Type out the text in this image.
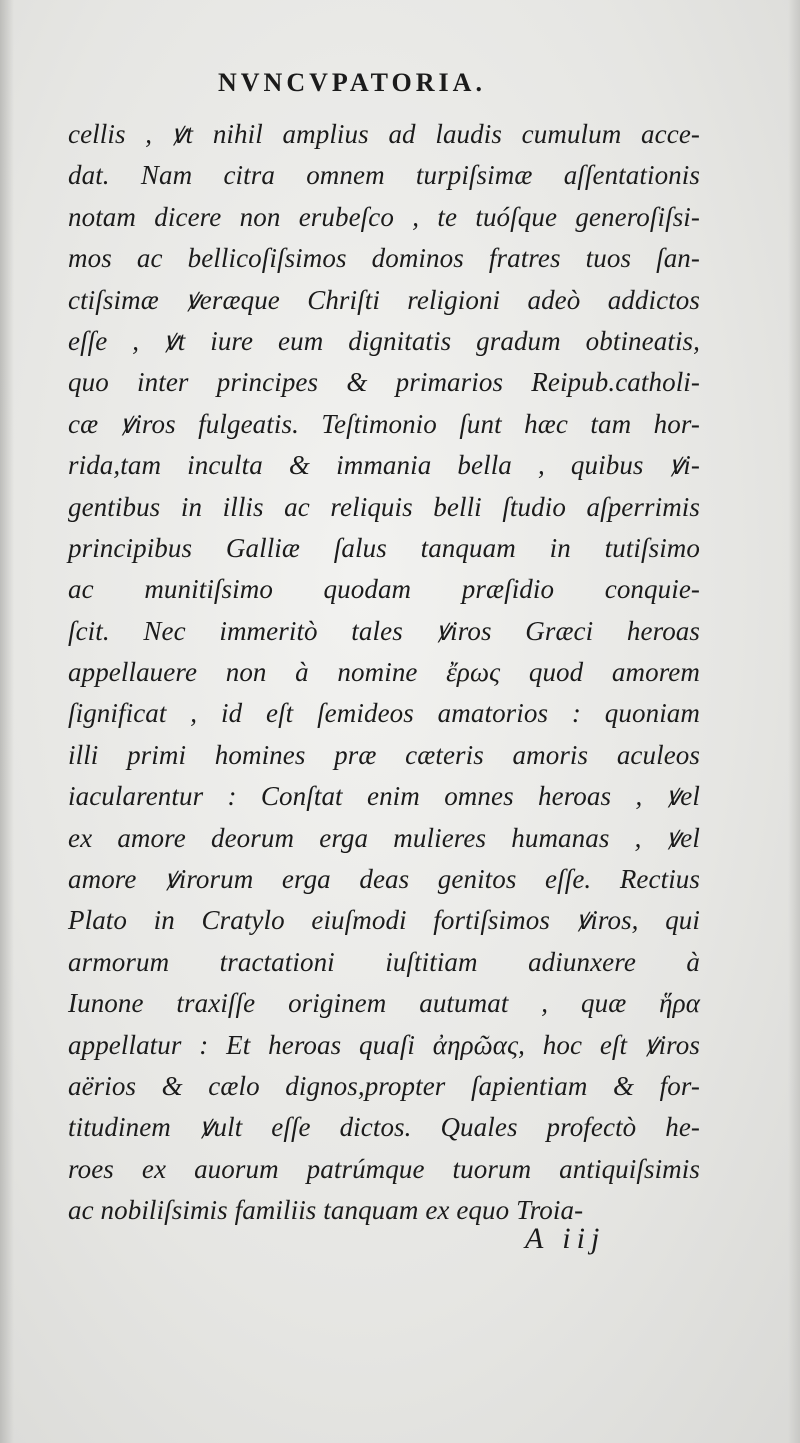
NVNCVPATORIA.
cellis , ꝟt nihil amplius ad laudis cumulum acce-
dat. Nam citra omnem turpiſsimæ aſſentationis
notam dicere non erubeſco , te tuóſque generoſiſsi-
mos ac bellicoſiſsimos dominos fratres tuos ſan-
ctiſsimæ ꝟeræque Chriſti religioni adeò addictos
eſſe , ꝟt iure eum dignitatis gradum obtineatis,
quo inter principes & primarios Reipub.catholi-
cæ ꝟiros fulgeatis. Teſtimonio ſunt hæc tam hor-
rida,tam inculta & immania bella , quibus ꝟi-
gentibus in illis ac reliquis belli ſtudio aſperrimis
principibus Galliæ ſalus tanquam in tutiſsimo
ac munitiſsimo quodam præſidio conquie-
ſcit. Nec immeritò tales ꝟiros Græci heroas
appellauere non à nomine ἔρως quod amorem
ſignificat , id eſt ſemideos amatorios : quoniam
illi primi homines præ cæteris amoris aculeos
iacularentur : Conſtat enim omnes heroas , ꝟel
ex amore deorum erga mulieres humanas , ꝟel
amore ꝟirorum erga deas genitos eſſe. Rectius
Plato in Cratylo eiuſmodi fortiſsimos ꝟiros, qui
armorum tractationi iuſtitiam adiunxere à
Iunone traxiſſe originem autumat , quæ ἥρα
appellatur : Et heroas quaſi ἀηρῶας, hoc eſt ꝟiros
aërios & cælo dignos,propter ſapientiam & for-
titudinem ꝟult eſſe dictos. Quales profectò he-
roes ex auorum patrúmque tuorum antiquiſsimis
ac nobiliſsimis familiis tanquam ex equo Troia-
A iij
